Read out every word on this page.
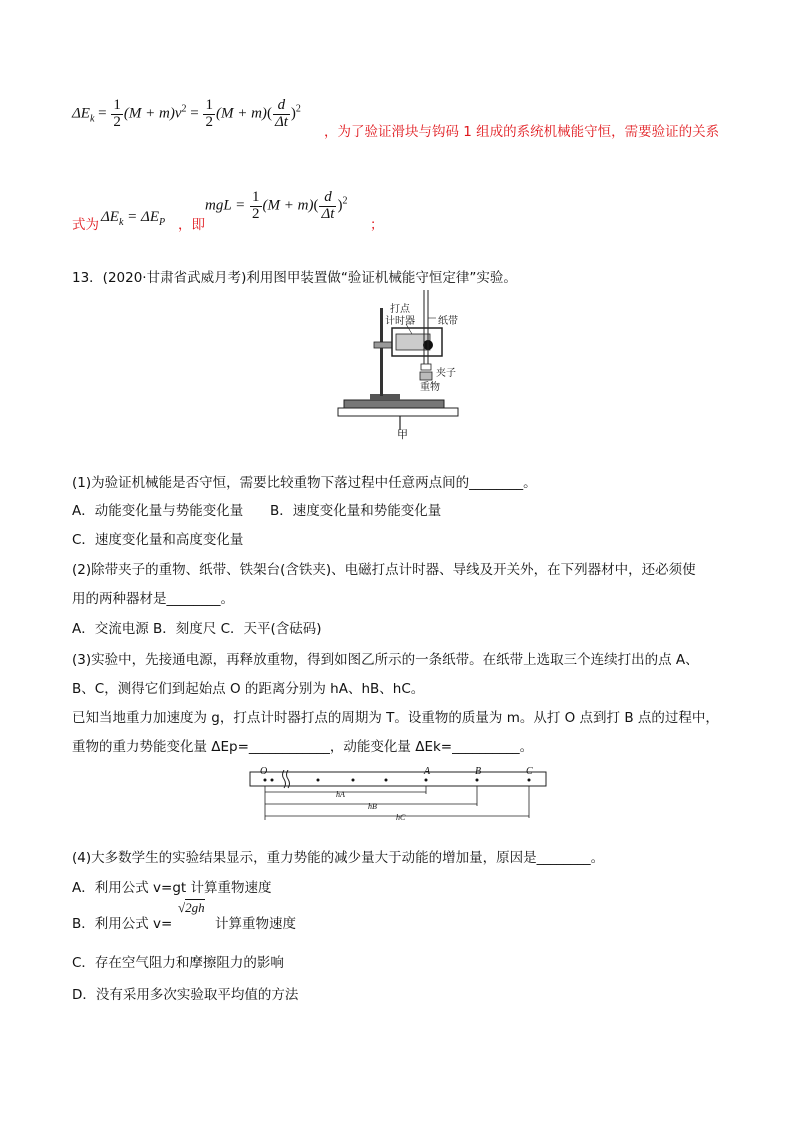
$\Delta E_k = \frac{1}{2} (M + m)v^2 = \frac{1}{2} (M + m)( \frac{d}{\Delta t} )^2$
，为了验证滑块与钩码 1 组成的系统机械能守恒，需要验证的关系
式为 $\Delta E_k = \Delta E_P$ ，即
mgL = $\frac{1}{2} (M + m)( \frac{d}{\Delta t} )^2$
；
13．(2020·甘肃省武威月考)利用图甲装置做“验证机械能守恒定律”实验。
打点
计时器 纸带
夹子
重物
甲
(1)为验证机械能是否守恒，需要比较重物下落过程中任意两点间的________。
A．动能变化量与势能变化量 B．速度变化量和势能变化量
C．速度变化量和高度变化量
(2)除带夹子的重物、纸带、铁架台(含铁夹)、电磁打点计时器、导线及开关外，在下列器材中，还必须使
用的两种器材是________。
A．交流电源 B．刻度尺 C．天平(含砝码)
(3)实验中，先接通电源，再释放重物，得到如图乙所示的一条纸带。在纸带上选取三个连续打出的点 A、
B、C，测得它们到起始点 O 的距离分别为 hA、hB、hC。
已知当地重力加速度为 g，打点计时器打点的周期为 T。设重物的质量为 m。从打 O 点到打 B 点的过程中，
重物的重力势能变化量 ΔEp=____________，动能变化量 ΔEk=__________。
O	A	B	C
hA
hB
hC
(4)大多数学生的实验结果显示，重力势能的减少量大于动能的增加量，原因是________。
A．利用公式 v=gt 计算重物速度
B．利用公式 v=
√2gh
计算重物速度
C．存在空气阻力和摩擦阻力的影响
D．没有采用多次实验取平均值的方法
